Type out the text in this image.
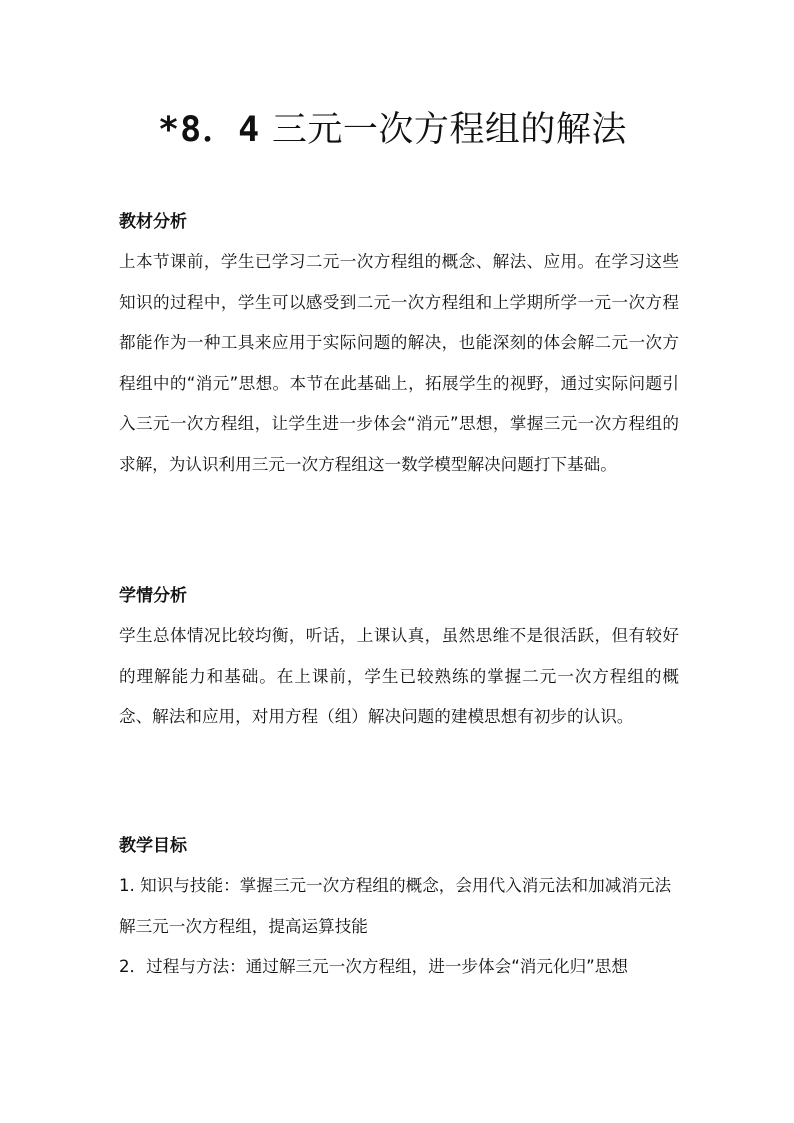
*8．4 三元一次方程组的解法
教材分析

上本节课前，学生已学习二元一次方程组的概念、解法、应用。在学习这些知识的过程中，学生可以感受到二元一次方程组和上学期所学一元一次方程都能作为一种工具来应用于实际问题的解决，也能深刻的体会解二元一次方程组中的“消元”思想。本节在此基础上，拓展学生的视野，通过实际问题引入三元一次方程组，让学生进一步体会“消元”思想，掌握三元一次方程组的求解，为认识利用三元一次方程组这一数学模型解决问题打下基础。

学情分析

学生总体情况比较均衡，听话，上课认真，虽然思维不是很活跃，但有较好的理解能力和基础。在上课前，学生已较熟练的掌握二元一次方程组的概念、解法和应用，对用方程（组）解决问题的建模思想有初步的认识。

教学目标

1. 知识与技能：掌握三元一次方程组的概念，会用代入消元法和加减消元法解三元一次方程组，提高运算技能

2．过程与方法：通过解三元一次方程组，进一步体会“消元化归”思想
